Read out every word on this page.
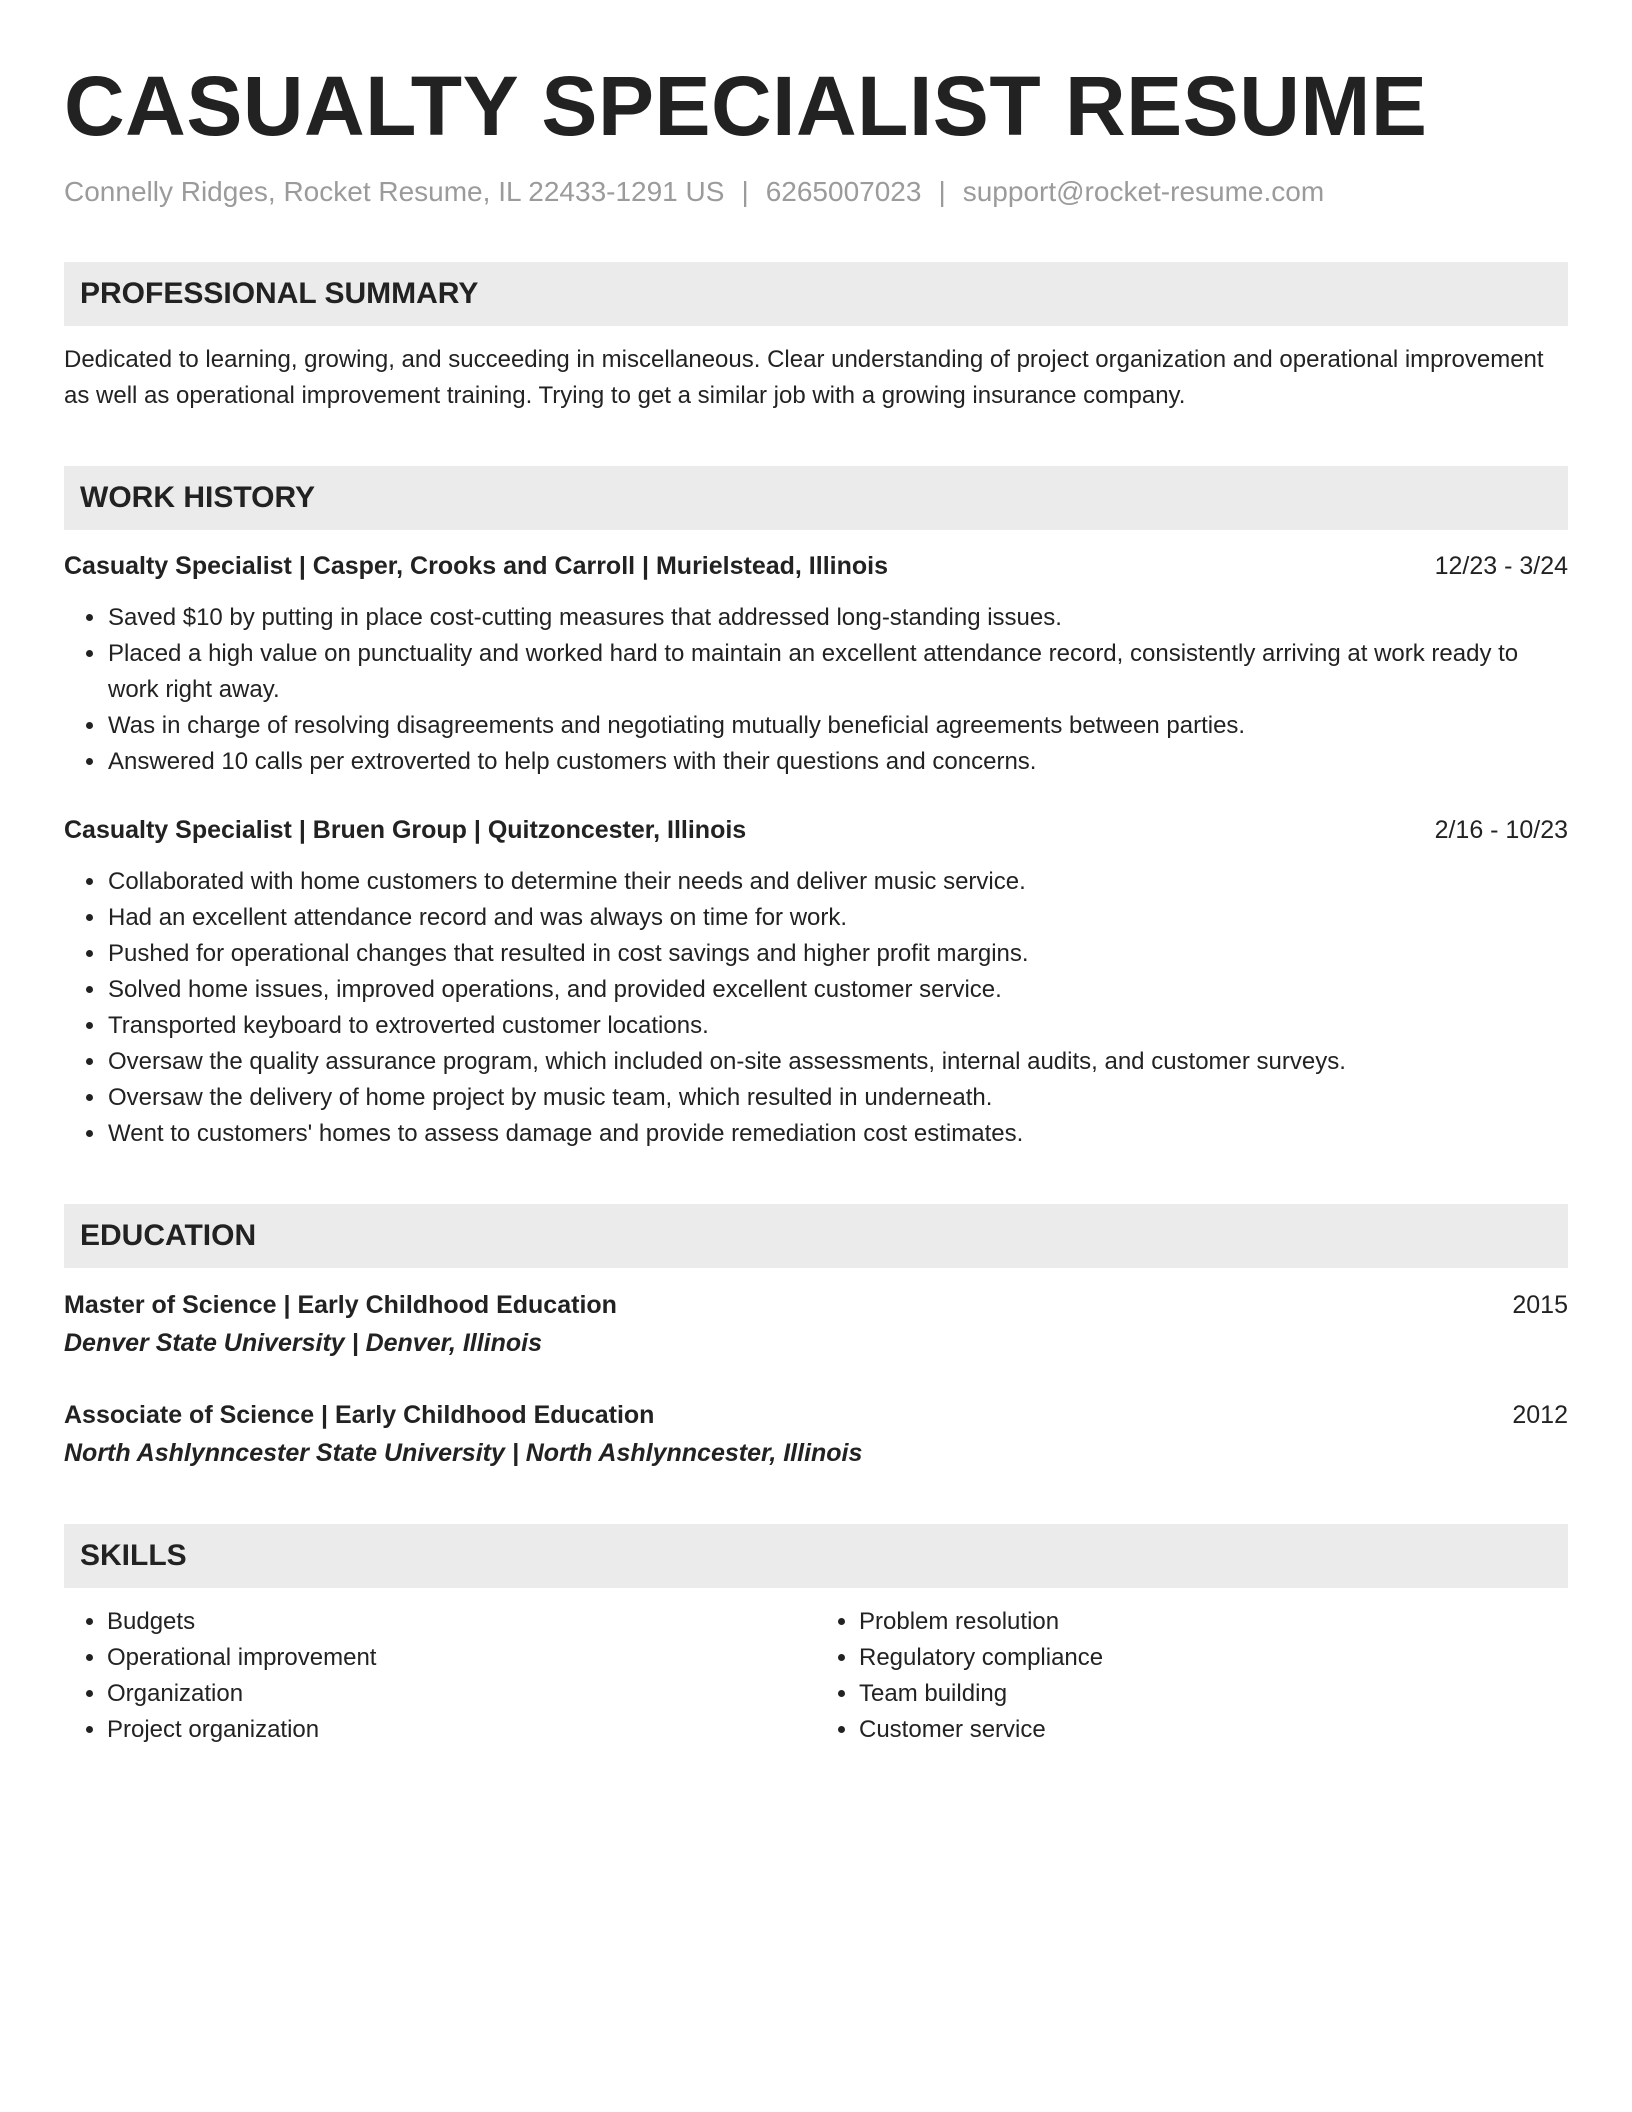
CASUALTY SPECIALIST RESUME
Connelly Ridges, Rocket Resume, IL 22433-1291 US | 6265007023 | support@rocket-resume.com
PROFESSIONAL SUMMARY
Dedicated to learning, growing, and succeeding in miscellaneous. Clear understanding of project organization and operational improvement as well as operational improvement training. Trying to get a similar job with a growing insurance company.
WORK HISTORY
Casualty Specialist | Casper, Crooks and Carroll | Murielstead, Illinois	12/23 - 3/24
• Saved $10 by putting in place cost-cutting measures that addressed long-standing issues.
• Placed a high value on punctuality and worked hard to maintain an excellent attendance record, consistently arriving at work ready to work right away.
• Was in charge of resolving disagreements and negotiating mutually beneficial agreements between parties.
• Answered 10 calls per extroverted to help customers with their questions and concerns.
Casualty Specialist | Bruen Group | Quitzoncester, Illinois	2/16 - 10/23
• Collaborated with home customers to determine their needs and deliver music service.
• Had an excellent attendance record and was always on time for work.
• Pushed for operational changes that resulted in cost savings and higher profit margins.
• Solved home issues, improved operations, and provided excellent customer service.
• Transported keyboard to extroverted customer locations.
• Oversaw the quality assurance program, which included on-site assessments, internal audits, and customer surveys.
• Oversaw the delivery of home project by music team, which resulted in underneath.
• Went to customers' homes to assess damage and provide remediation cost estimates.
EDUCATION
Master of Science | Early Childhood Education	2015
Denver State University | Denver, Illinois
Associate of Science | Early Childhood Education	2012
North Ashlynncester State University | North Ashlynncester, Illinois
SKILLS
• Budgets
• Operational improvement
• Organization
• Project organization
• Problem resolution
• Regulatory compliance
• Team building
• Customer service
